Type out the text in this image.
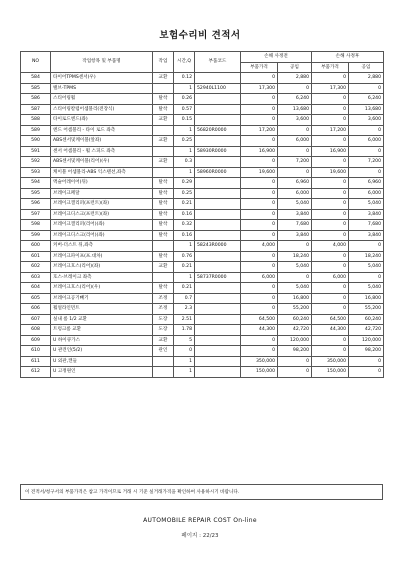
보험수리비 견적서
NO	작업항목 및 부품명	작업	시간,Q	부품코드	손해 사정전		손해 사정후	
					부품가격	공임	부품가격	공임
584	타이어TPMS센서(우)	교환	0.12		0	2,880	0	2,880
585	밸브-TPMS		1	52940L1100	17,300	0	17,300	0
586	스티어링휠	탈착	0.26		0	6,240	0	6,240
587	스티어링칼럼어셈블리(전장식)	탈착	0.57		0	13,680	0	13,680
588	타이로드엔드(좌)	교환	0.15		0	3,600	0	3,600
589	엔드 어셈블리 - 타이 로드 좌측		1	56820R0000	17,200	0	17,200	0
590	ABS센서및케이블(앞좌)	교환	0.25		0	6,000	0	6,000
591	센서 어셈블리 - 휠 스피드 좌측		1	58930R0000	16,900	0	16,900	0
592	ABS센서및케이블(리어)(우)	교환	0.3		0	7,200	0	7,200
593	케이블 어셈블리-ABS 익스텐션,좌측		1	58960R0000	19,600	0	19,600	0
594	액슬어레이어(뒤)	탈착	0.29		0	6,960	0	6,960
595	브레이크페달	탈착	0.25		0	6,000	0	6,000
596	브레이크캘리퍼(프런트)(좌)	탈착	0.21		0	5,040	0	5,040
597	브레이크디스크(프런트)(좌)	탈착	0.16		0	3,840	0	3,840
598	브레이크캘리퍼(리어)(좌)	탈착	0.32		0	7,680	0	7,680
599	브레이크디스크(리어)(좌)	탈착	0.16		0	3,840	0	3,840
600	커버-더스트 뒤,좌측		1	58243R0000	4,000	0	4,000	0
601	브레이크파이프(프.대차)	탈착	0.76		0	18,240	0	18,240
602	브레이크호스(리어)(좌)	교환	0.21		0	5,040	0	5,040
603	호스-브레이크 좌측		1	58737R0000	6,000	0	6,000	0
604	브레이크호스(리어)(우)	탈착	0.21		0	5,040	0	5,040
605	브레이크공기빼기	조정	0.7		0	16,800	0	16,800
606	휠얼라인먼트	조정	2.3		0	55,200	0	55,200
607	실내 룸 1/2 교환	도장	2.51		64,500	60,240	64,500	60,240
608	트렁크룸 교환	도장	1.78		44,300	42,720	44,300	42,720
609	U 하이큐가스	교환	5		0	120,000	0	120,000
610	U 관견인(5/2)	관인	0		0	98,200	0	98,200
611	U 외관,캔들		1		350,000	0	350,000	0
612	U 고정원인		1		150,000	0	150,000	0
이 견적서/청구서의 부품가격은 참고 가격이므로 거래 시 기준 실거래가격을 확인하여 사용하시기 바랍니다.
AUTOMOBILE REPAIR COST On-line
페이지 : 22/23
